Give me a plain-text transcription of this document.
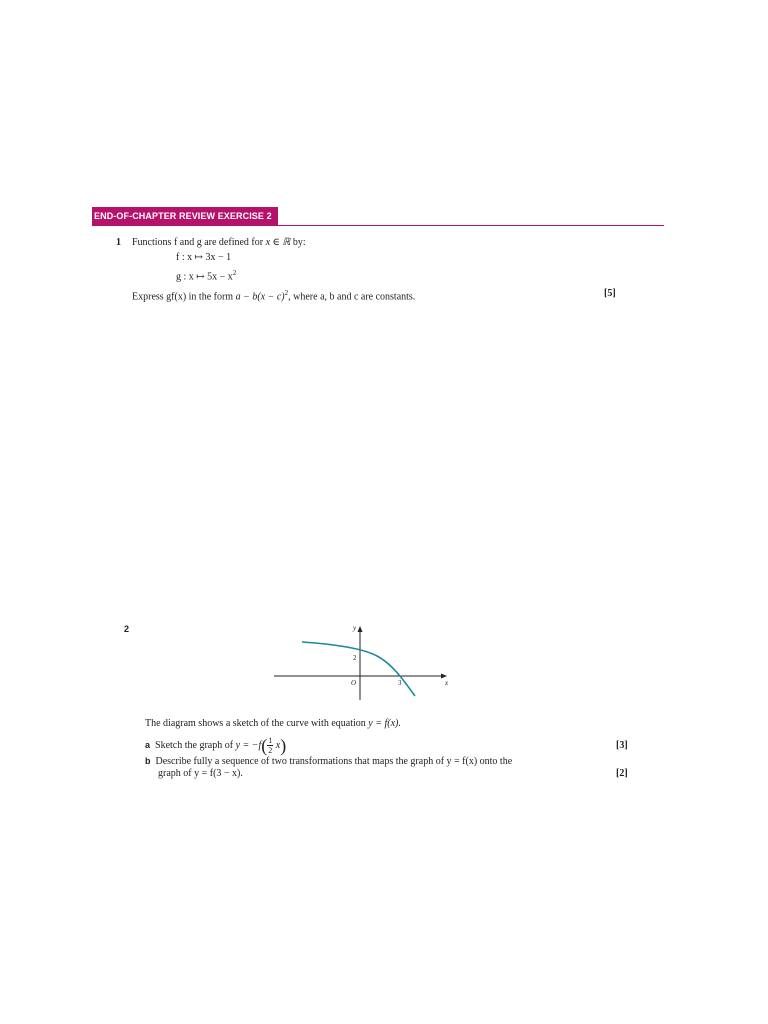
END-OF-CHAPTER REVIEW EXERCISE 2
1 Functions f and g are defined for x ∈ ℝ by:
f : x ↦ 3x − 1
g : x ↦ $5x - x^2$
Express gf(x) in the form $a - b(x - c)^2$, where a, b and c are constants.	[5]
2	y
x
O
2
3
The diagram shows a sketch of the curve with equation y = f(x).
a Sketch the graph of $y = -f( \frac{1}{2} x)$	[3]
b Describe fully a sequence of two transformations that maps the graph of y = f(x) onto the
graph of y = f(3 − x).	[2]
